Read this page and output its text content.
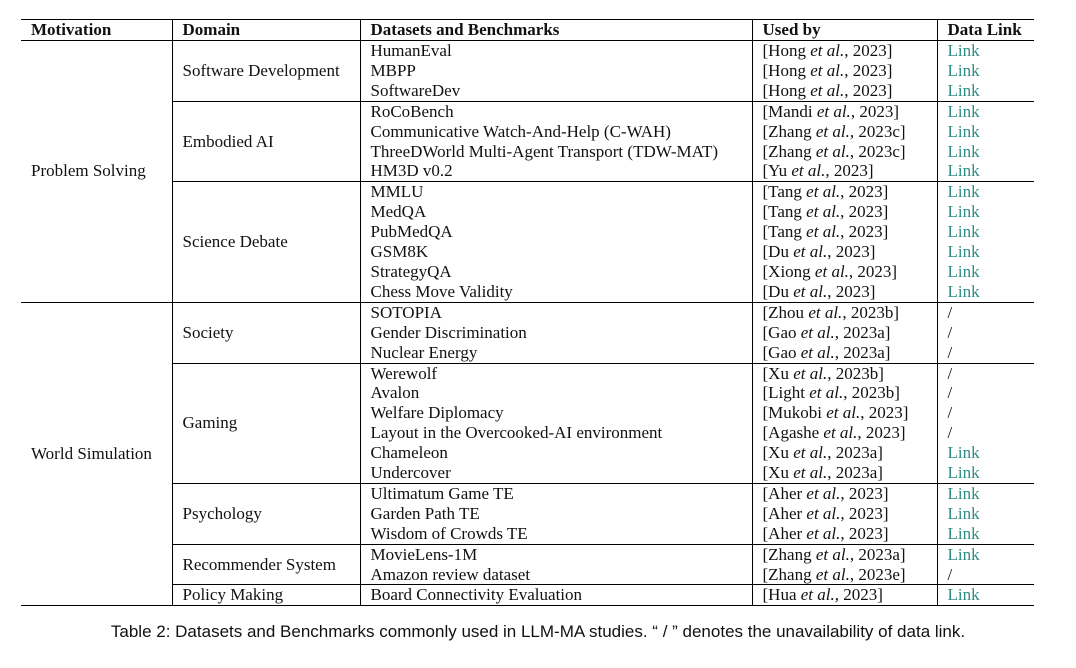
Motivation	Domain	Datasets and Benchmarks	Used by	Data Link
Problem Solving	Software Development	HumanEval	[Hong et al., 2023]	Link
		MBPP	[Hong et al., 2023]	Link
		SoftwareDev	[Hong et al., 2023]	Link
	Embodied AI	RoCoBench	[Mandi et al., 2023]	Link
		Communicative Watch-And-Help (C-WAH)	[Zhang et al., 2023c]	Link
		ThreeDWorld Multi-Agent Transport (TDW-MAT)	[Zhang et al., 2023c]	Link
		HM3D v0.2	[Yu et al., 2023]	Link
	Science Debate	MMLU	[Tang et al., 2023]	Link
		MedQA	[Tang et al., 2023]	Link
		PubMedQA	[Tang et al., 2023]	Link
		GSM8K	[Du et al., 2023]	Link
		StrategyQA	[Xiong et al., 2023]	Link
		Chess Move Validity	[Du et al., 2023]	Link
World Simulation	Society	SOTOPIA	[Zhou et al., 2023b]	/
		Gender Discrimination	[Gao et al., 2023a]	/
		Nuclear Energy	[Gao et al., 2023a]	/
	Gaming	Werewolf	[Xu et al., 2023b]	/
		Avalon	[Light et al., 2023b]	/
		Welfare Diplomacy	[Mukobi et al., 2023]	/
		Layout in the Overcooked-AI environment	[Agashe et al., 2023]	/
		Chameleon	[Xu et al., 2023a]	Link
		Undercover	[Xu et al., 2023a]	Link
	Psychology	Ultimatum Game TE	[Aher et al., 2023]	Link
		Garden Path TE	[Aher et al., 2023]	Link
		Wisdom of Crowds TE	[Aher et al., 2023]	Link
	Recommender System	MovieLens-1M	[Zhang et al., 2023a]	Link
		Amazon review dataset	[Zhang et al., 2023e]	/
	Policy Making	Board Connectivity Evaluation	[Hua et al., 2023]	Link
Table 2: Datasets and Benchmarks commonly used in LLM-MA studies. “ / ” denotes the unavailability of data link.
